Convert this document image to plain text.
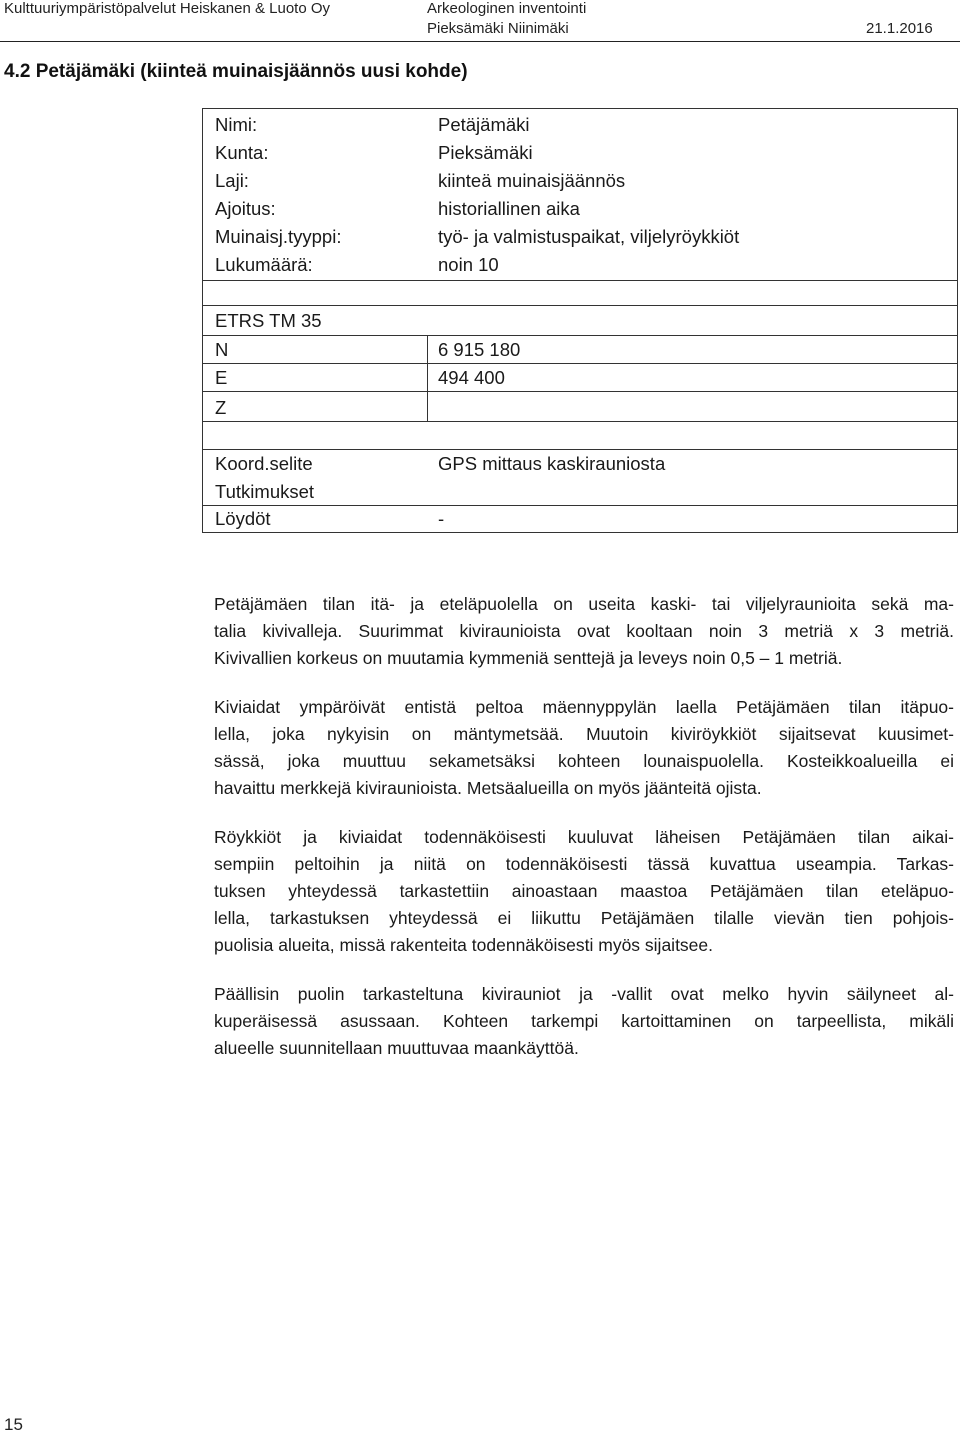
Kulttuuriympäristöpalvelut Heiskanen & Luoto Oy	Arkeologinen inventointi
Pieksämäki Niinimäki	21.1.2016
4.2 Petäjämäki (kiinteä muinaisjäännös uusi kohde)
Nimi:	Petäjämäki
Kunta:	Pieksämäki
Laji:	kiinteä muinaisjäännös
Ajoitus:	historiallinen aika
Muinaisj.tyyppi:	työ- ja valmistuspaikat, viljelyröykkiöt
Lukumäärä:	noin 10
ETRS TM 35
N	6 915 180
E	494 400
Z
Koord.selite	GPS mittaus kaskirauniosta
Tutkimukset
Löydöt	-

Petäjämäen tilan itä- ja eteläpuolella on useita kaski- tai viljelyraunioita sekä ma-
talia kivivalleja. Suurimmat kiviraunioista ovat kooltaan noin 3 metriä x 3 metriä.
Kivivallien korkeus on muutamia kymmeniä senttejä ja leveys noin 0,5 – 1 metriä.

Kiviaidat ympäröivät entistä peltoa mäennyppylän laella Petäjämäen tilan itäpuo-
lella, joka nykyisin on mäntymetsää. Muutoin kiviröykkiöt sijaitsevat kuusimet-
sässä, joka muuttuu sekametsäksi kohteen lounaispuolella. Kosteikkoalueilla ei
havaittu merkkejä kiviraunioista. Metsäalueilla on myös jäänteitä ojista.

Röykkiöt ja kiviaidat todennäköisesti kuuluvat läheisen Petäjämäen tilan aikai-
sempiin peltoihin ja niitä on todennäköisesti tässä kuvattua useampia. Tarkas-
tuksen yhteydessä tarkastettiin ainoastaan maastoa Petäjämäen tilan eteläpuo-
lella, tarkastuksen yhteydessä ei liikuttu Petäjämäen tilalle vievän tien pohjois-
puolisia alueita, missä rakenteita todennäköisesti myös sijaitsee.

Päällisin puolin tarkasteltuna kivirauniot ja -vallit ovat melko hyvin säilyneet al-
kuperäisessä asussaan. Kohteen tarkempi kartoittaminen on tarpeellista, mikäli
alueelle suunnitellaan muuttuvaa maankäyttöä.

15
